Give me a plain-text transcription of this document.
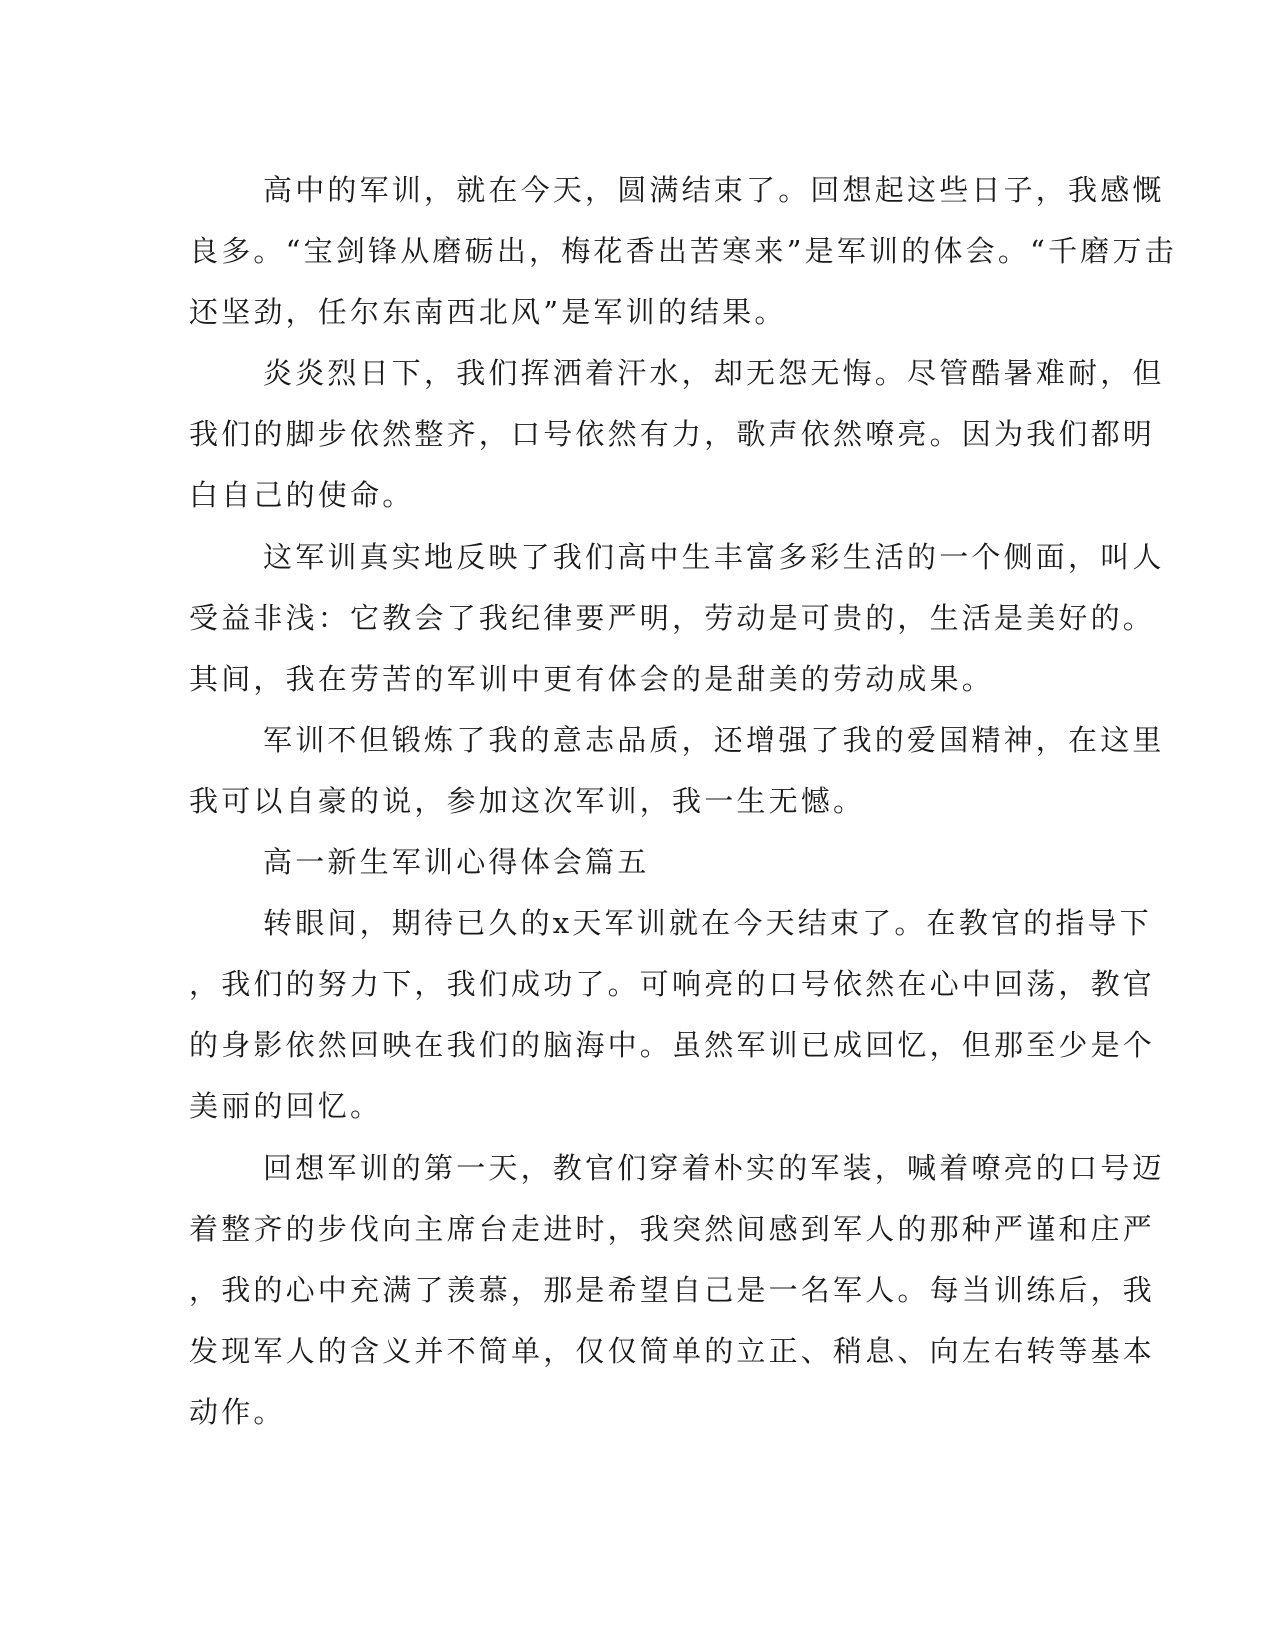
高中的军训，就在今天，圆满结束了。回想起这些日子，我感慨
良多。“宝剑锋从磨砺出，梅花香出苦寒来”是军训的体会。“千磨万击
还坚劲，任尔东南西北风”是军训的结果。
炎炎烈日下，我们挥洒着汗水，却无怨无悔。尽管酷暑难耐，但
我们的脚步依然整齐，口号依然有力，歌声依然嘹亮。因为我们都明
白自己的使命。
这军训真实地反映了我们高中生丰富多彩生活的一个侧面，叫人
受益非浅：它教会了我纪律要严明，劳动是可贵的，生活是美好的。
其间，我在劳苦的军训中更有体会的是甜美的劳动成果。
军训不但锻炼了我的意志品质，还增强了我的爱国精神，在这里
我可以自豪的说，参加这次军训，我一生无憾。
高一新生军训心得体会篇五
转眼间，期待已久的x天军训就在今天结束了。在教官的指导下
，我们的努力下，我们成功了。可响亮的口号依然在心中回荡，教官
的身影依然回映在我们的脑海中。虽然军训已成回忆，但那至少是个
美丽的回忆。
回想军训的第一天，教官们穿着朴实的军装，喊着嘹亮的口号迈
着整齐的步伐向主席台走进时，我突然间感到军人的那种严谨和庄严
，我的心中充满了羡慕，那是希望自己是一名军人。每当训练后，我
发现军人的含义并不简单，仅仅简单的立正、稍息、向左右转等基本
动作。
